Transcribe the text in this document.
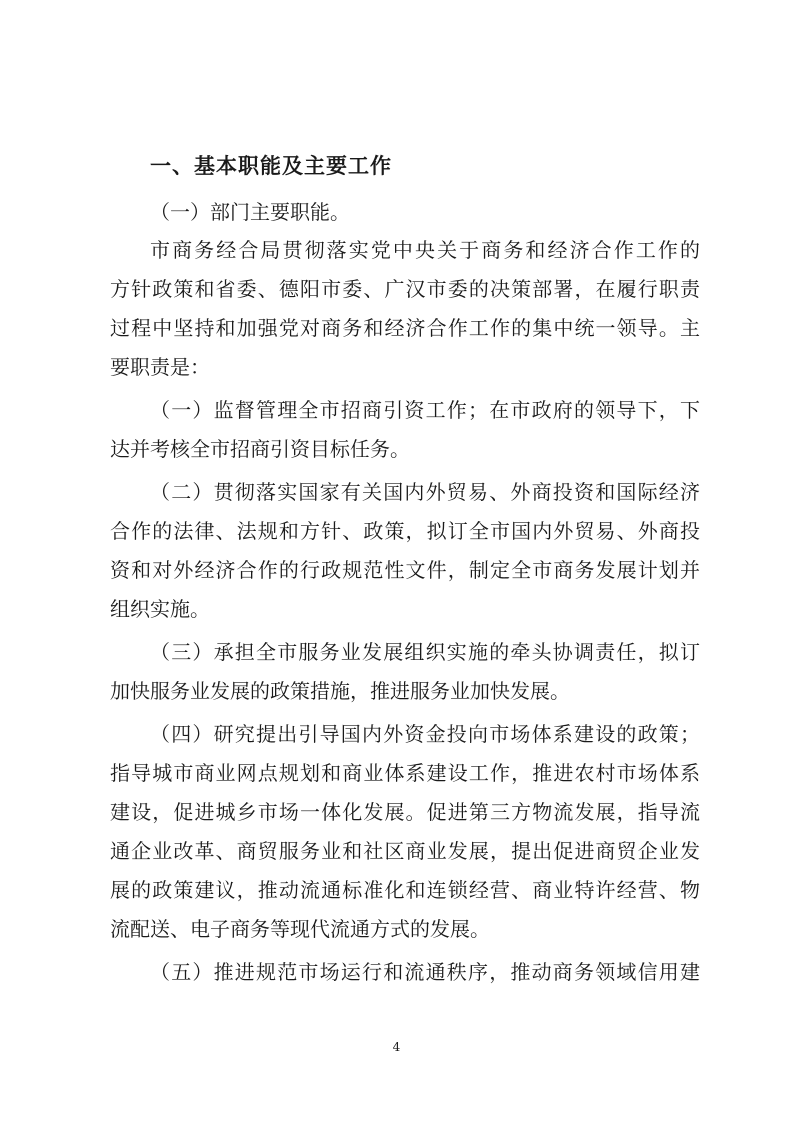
一、基本职能及主要工作
（一）部门主要职能。
市商务经合局贯彻落实党中央关于商务和经济合作工作的
方针政策和省委、德阳市委、广汉市委的决策部署，在履行职责
过程中坚持和加强党对商务和经济合作工作的集中统一领导。主
要职责是：
（一）监督管理全市招商引资工作；在市政府的领导下，下
达并考核全市招商引资目标任务。
（二）贯彻落实国家有关国内外贸易、外商投资和国际经济
合作的法律、法规和方针、政策，拟订全市国内外贸易、外商投
资和对外经济合作的行政规范性文件，制定全市商务发展计划并
组织实施。
（三）承担全市服务业发展组织实施的牵头协调责任，拟订
加快服务业发展的政策措施，推进服务业加快发展。
（四）研究提出引导国内外资金投向市场体系建设的政策；
指导城市商业网点规划和商业体系建设工作，推进农村市场体系
建设，促进城乡市场一体化发展。促进第三方物流发展，指导流
通企业改革、商贸服务业和社区商业发展，提出促进商贸企业发
展的政策建议，推动流通标准化和连锁经营、商业特许经营、物
流配送、电子商务等现代流通方式的发展。
（五）推进规范市场运行和流通秩序，推动商务领域信用建
4
